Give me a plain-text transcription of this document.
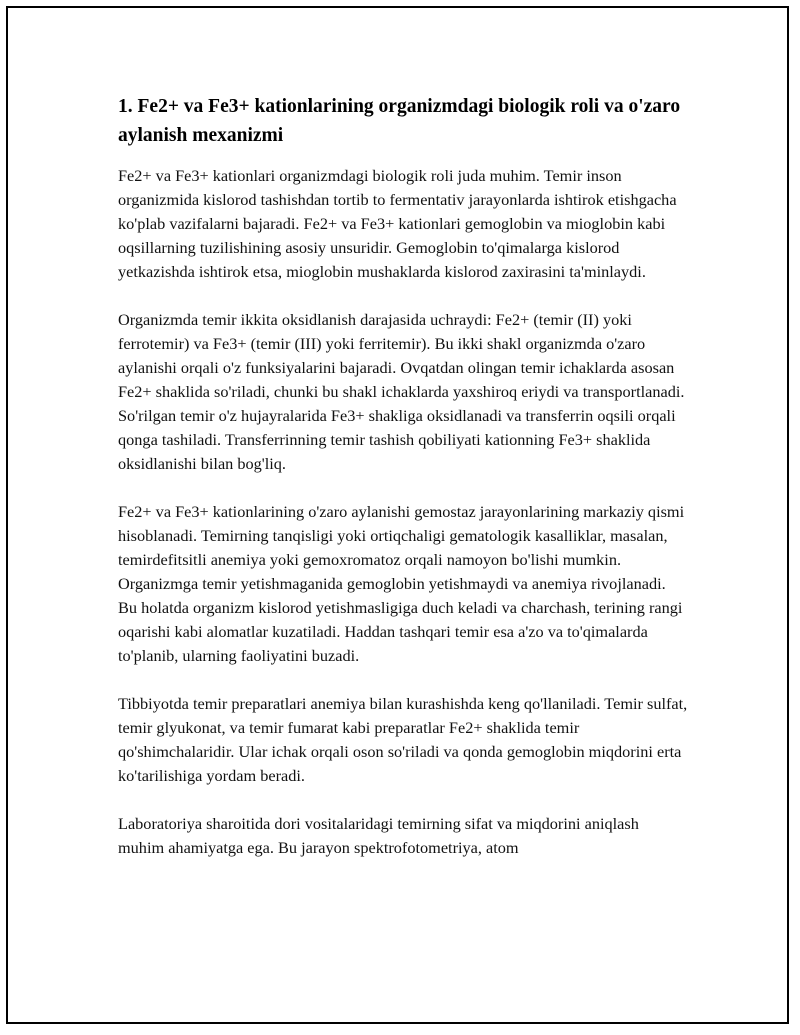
1. Fe2+ va Fe3+ kationlarining organizmdagi biologik roli va o'zaro aylanish mexanizmi

Fe2+ va Fe3+ kationlari organizmdagi biologik roli juda muhim. Temir inson organizmida kislorod tashishdan tortib to fermentativ jarayonlarda ishtirok etishgacha ko'plab vazifalarni bajaradi. Fe2+ va Fe3+ kationlari gemoglobin va mioglobin kabi oqsillarning tuzilishining asosiy unsuridir. Gemoglobin to'qimalarga kislorod yetkazishda ishtirok etsa, mioglobin mushaklarda kislorod zaxirasini ta'minlaydi.

Organizmda temir ikkita oksidlanish darajasida uchraydi: Fe2+ (temir (II) yoki ferrotemir) va Fe3+ (temir (III) yoki ferritemir). Bu ikki shakl organizmda o'zaro aylanishi orqali o'z funksiyalarini bajaradi. Ovqatdan olingan temir ichaklarda asosan Fe2+ shaklida so'riladi, chunki bu shakl ichaklarda yaxshiroq eriydi va transportlanadi. So'rilgan temir o'z hujayralarida Fe3+ shakliga oksidlanadi va transferrin oqsili orqali qonga tashiladi. Transferrinning temir tashish qobiliyati kationning Fe3+ shaklida oksidlanishi bilan bog'liq.

Fe2+ va Fe3+ kationlarining o'zaro aylanishi gemostaz jarayonlarining markaziy qismi hisoblanadi. Temirning tanqisligi yoki ortiqchaligi gematologik kasalliklar, masalan, temirdefitsitli anemiya yoki gemoxromatoz orqali namoyon bo'lishi mumkin. Organizmga temir yetishmaganida gemoglobin yetishmaydi va anemiya rivojlanadi. Bu holatda organizm kislorod yetishmasligiga duch keladi va charchash, terining rangi oqarishi kabi alomatlar kuzatiladi. Haddan tashqari temir esa a'zo va to'qimalarda to'planib, ularning faoliyatini buzadi.

Tibbiyotda temir preparatlari anemiya bilan kurashishda keng qo'llaniladi. Temir sulfat, temir glyukonat, va temir fumarat kabi preparatlar Fe2+ shaklida temir qo'shimchalaridir. Ular ichak orqali oson so'riladi va qonda gemoglobin miqdorini erta ko'tarilishiga yordam beradi.

Laboratoriya sharoitida dori vositalaridagi temirning sifat va miqdorini aniqlash muhim ahamiyatga ega. Bu jarayon spektrofotometriya, atom
